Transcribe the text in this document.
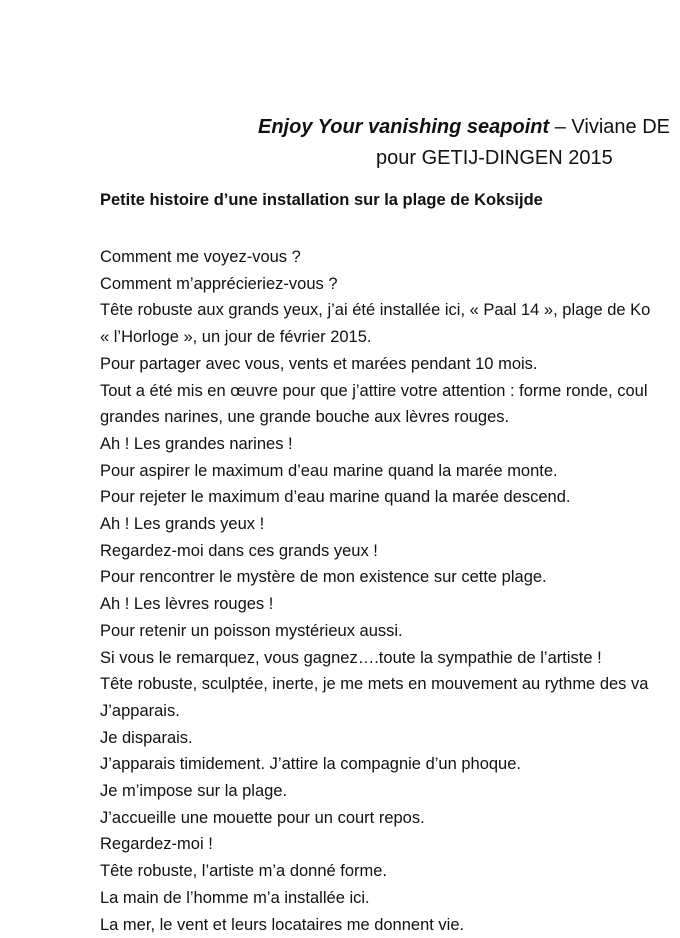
Enjoy Your vanishing seapoint – Viviane DE
pour GETIJ-DINGEN 2015
Petite histoire d’une installation sur la plage de Koksijde
Comment me voyez-vous ?
Comment m’apprécieriez-vous ?
Tête robuste aux grands yeux, j’ai été installée ici, « Paal 14 », plage de Ko
« l’Horloge », un jour de février 2015.
Pour partager avec vous, vents et marées pendant 10 mois.
Tout a été mis en œuvre pour que j’attire votre attention : forme ronde, coul
grandes narines, une grande bouche aux lèvres rouges.
Ah ! Les grandes narines !
Pour aspirer le maximum d’eau marine quand la marée monte.
Pour rejeter le maximum d’eau marine quand la marée descend.
Ah ! Les grands yeux !
Regardez-moi dans ces grands yeux !
Pour rencontrer le mystère de mon existence sur cette plage.
Ah ! Les lèvres rouges !
Pour retenir un poisson mystérieux aussi.
Si vous le remarquez, vous gagnez….toute la sympathie de l’artiste !
Tête robuste, sculptée, inerte, je me mets en mouvement au rythme des va
J’apparais.
Je disparais.
J’apparais timidement. J’attire la compagnie d’un phoque.
Je m’impose sur la plage.
J’accueille une mouette pour un court repos.
Regardez-moi !
Tête robuste, l’artiste m’a donné forme.
La main de l’homme m’a installée ici.
La mer, le vent et leurs locataires me donnent vie.
